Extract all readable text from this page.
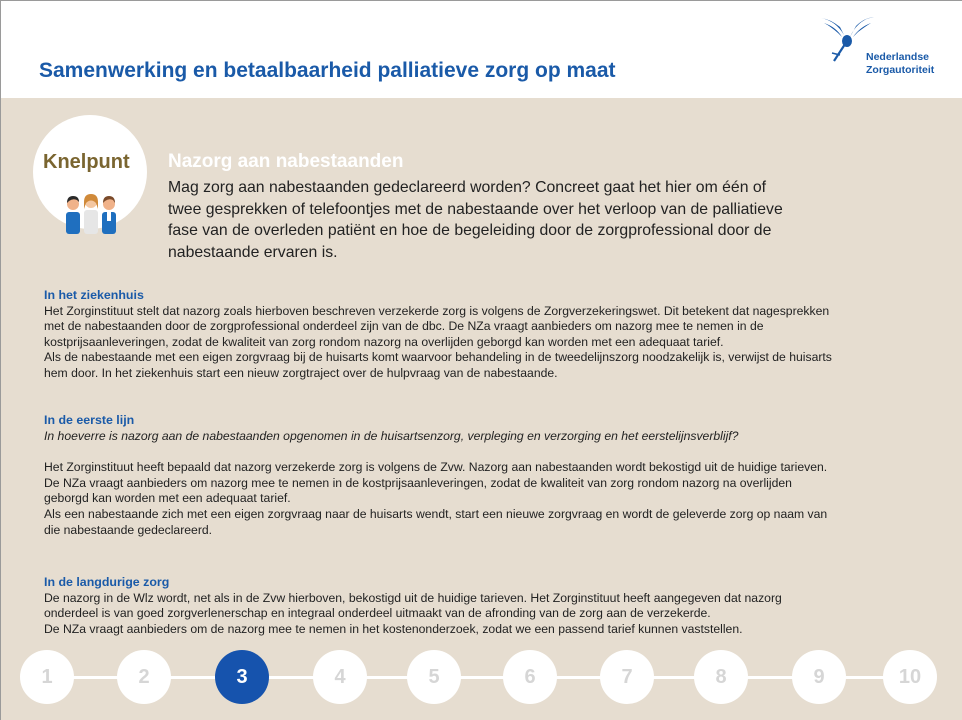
Samenwerking en betaalbaarheid palliatieve zorg op maat
Nederlandse
Zorgautoriteit
Knelpunt Nazorg aan nabestaanden
Mag zorg aan nabestaanden gedeclareerd worden? Concreet gaat het hier om één of
twee gesprekken of telefoontjes met de nabestaande over het verloop van de palliatieve
fase van de overleden patiënt en hoe de begeleiding door de zorgprofessional door de
nabestaande ervaren is.
In het ziekenhuis

Het Zorginstituut stelt dat nazorg zoals hierboven beschreven verzekerde zorg is volgens de Zorgverzekeringswet. Dit betekent dat nagesprekken

met de nabestaanden door de zorgprofessional onderdeel zijn van de dbc. De NZa vraagt aanbieders om nazorg mee te nemen in de

kostprijsaanleveringen, zodat de kwaliteit van zorg rondom nazorg na overlijden geborgd kan worden met een adequaat tarief.

Als de nabestaande met een eigen zorgvraag bij de huisarts komt waarvoor behandeling in de tweedelijnszorg noodzakelijk is, verwijst de huisarts

hem door. In het ziekenhuis start een nieuw zorgtraject over de hulpvraag van de nabestaande.

In de eerste lijn

In hoeverre is nazorg aan de nabestaanden opgenomen in de huisartsenzorg, verpleging en verzorging en het eerstelijnsverblijf?

Het Zorginstituut heeft bepaald dat nazorg verzekerde zorg is volgens de Zvw. Nazorg aan nabestaanden wordt bekostigd uit de huidige tarieven.

De NZa vraagt aanbieders om nazorg mee te nemen in de kostprijsaanleveringen, zodat de kwaliteit van zorg rondom nazorg na overlijden

geborgd kan worden met een adequaat tarief.

Als een nabestaande zich met een eigen zorgvraag naar de huisarts wendt, start een nieuwe zorgvraag en wordt de geleverde zorg op naam van

die nabestaande gedeclareerd.

In de langdurige zorg

De nazorg in de Wlz wordt, net als in de Zvw hierboven, bekostigd uit de huidige tarieven. Het Zorginstituut heeft aangegeven dat nazorg

onderdeel is van goed zorgverlenerschap en integraal onderdeel uitmaakt van de afronding van de zorg aan de verzekerde.

De NZa vraagt aanbieders om de nazorg mee te nemen in het kostenonderzoek, zodat we een passend tarief kunnen vaststellen.

1	2	3	4	5	6	7	8	9	10
